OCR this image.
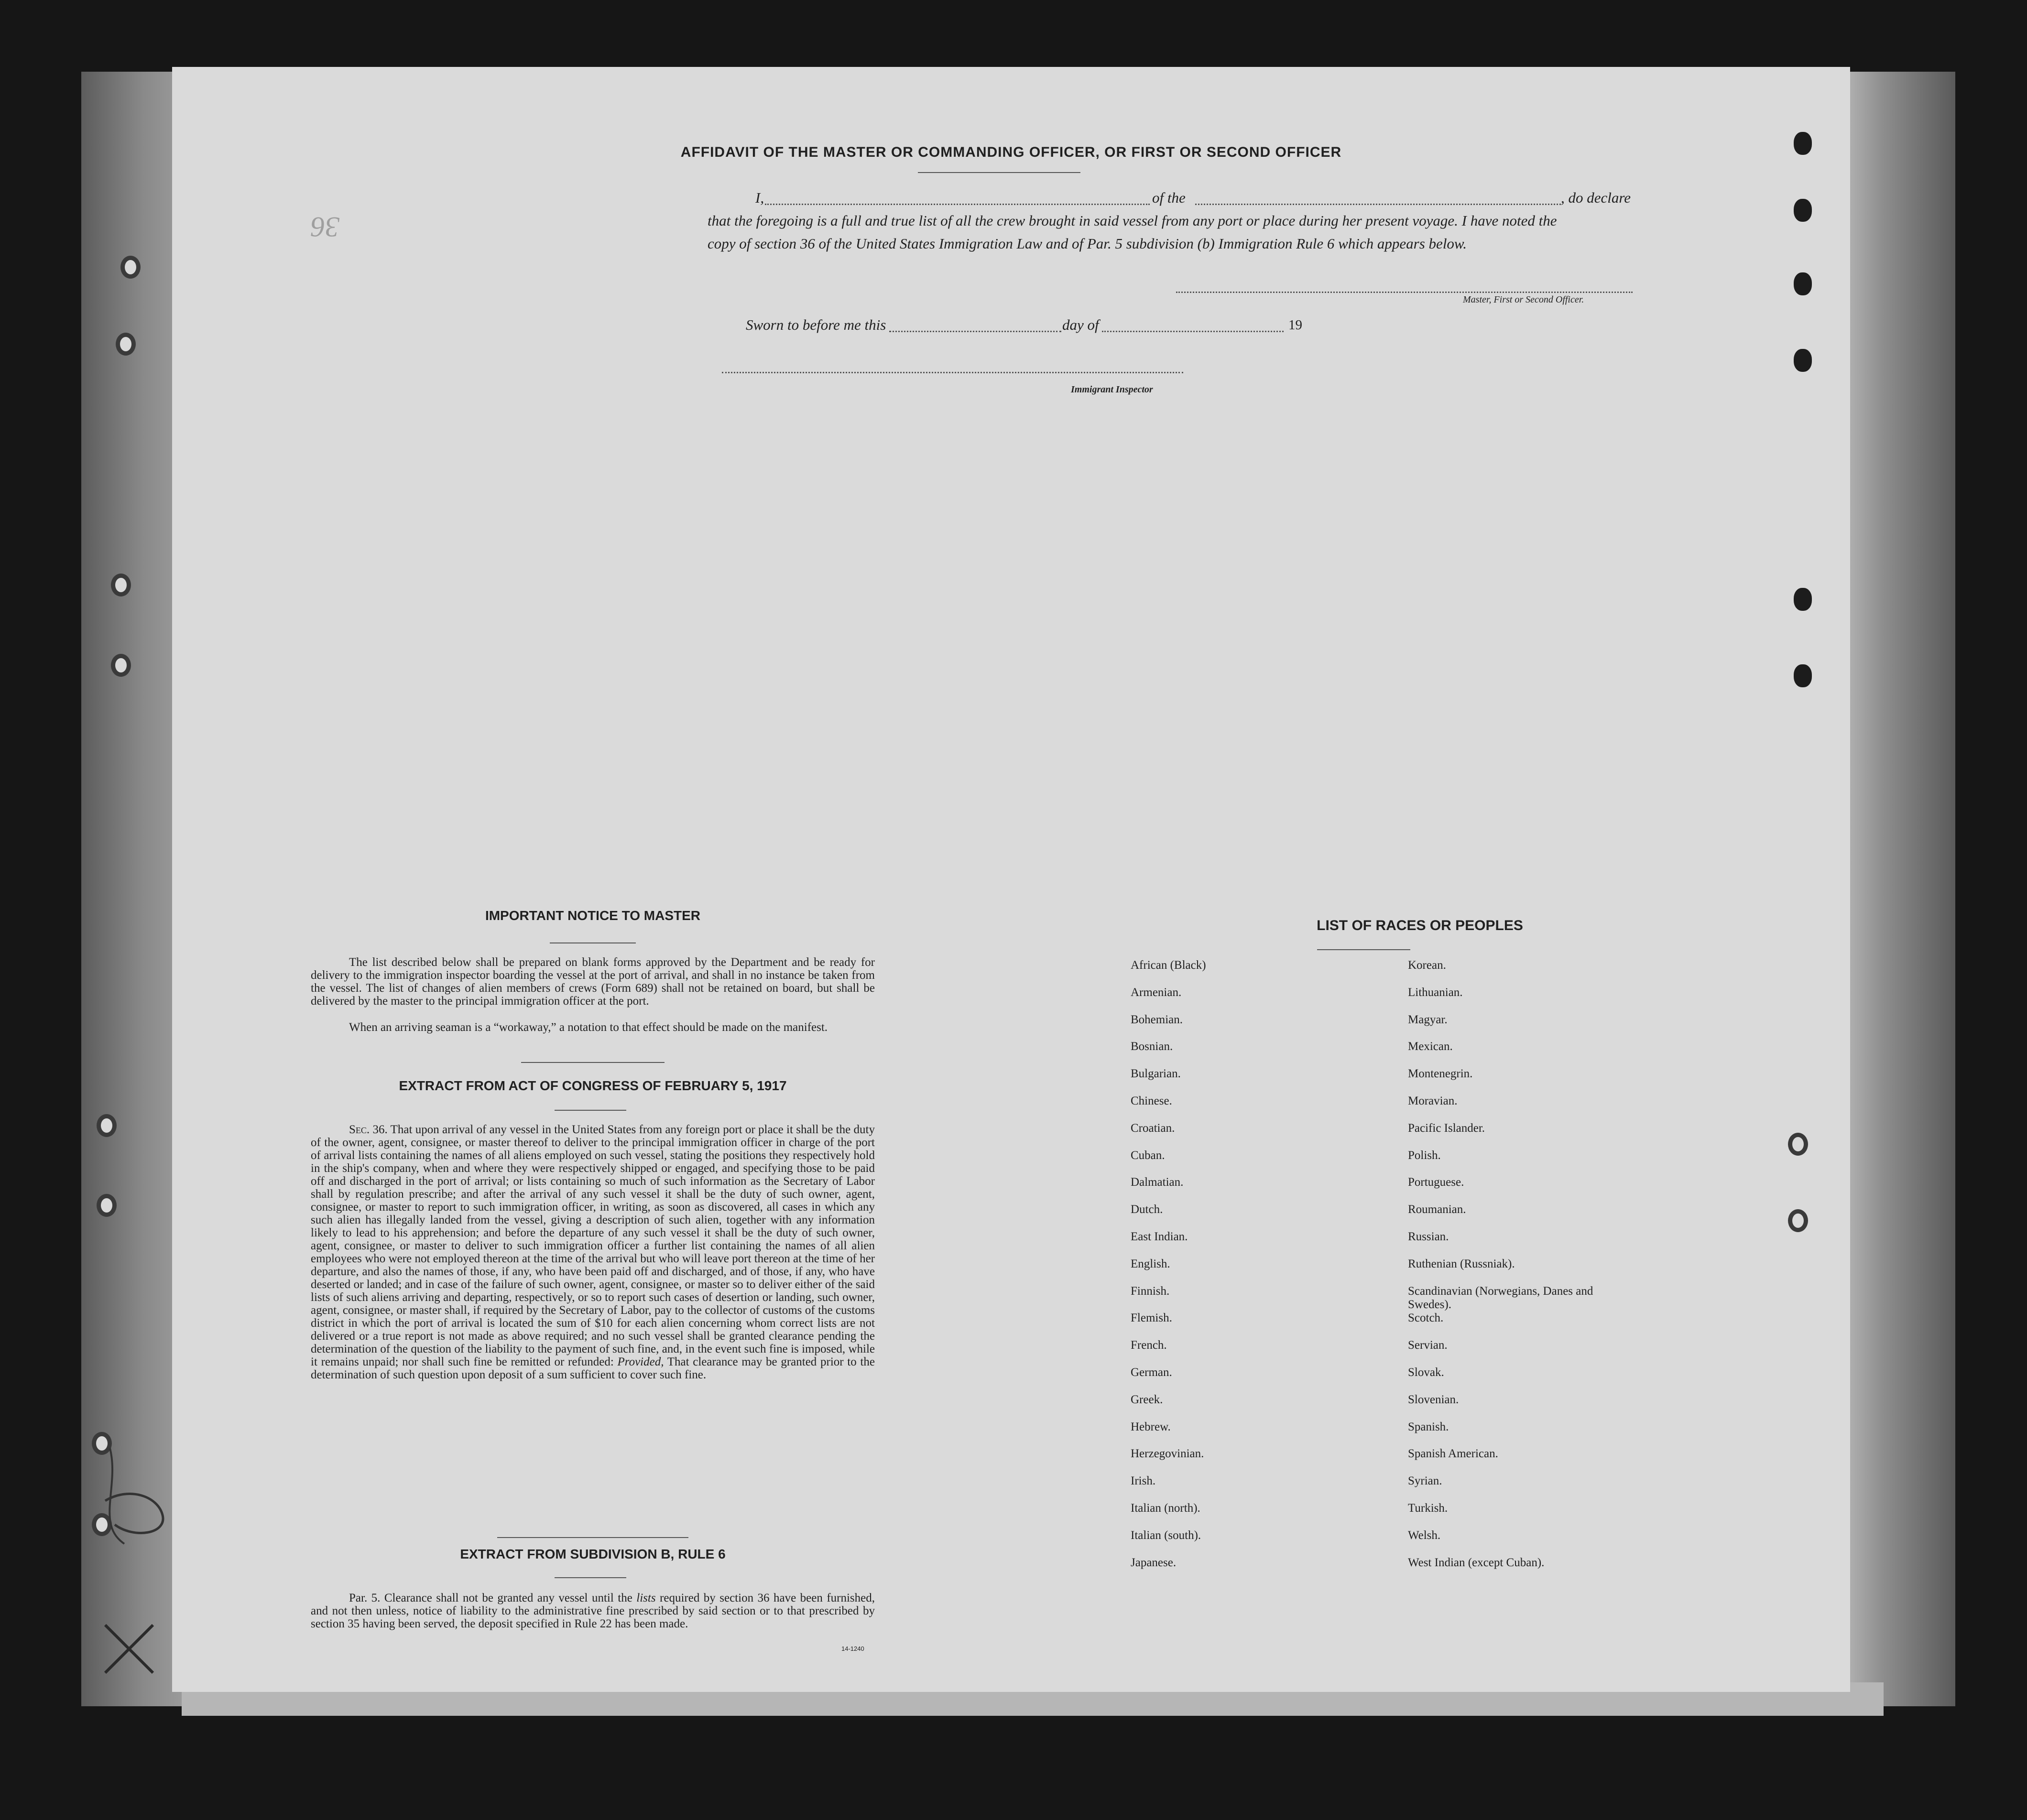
36
AFFIDAVIT OF THE MASTER OR COMMANDING OFFICER, OR FIRST OR SECOND OFFICER
I,	of the	, do declare
that the foregoing is a full and true list of all the crew brought in said vessel from any port or place during her present voyage. I have noted the
copy of section 36 of the United States Immigration Law and of Par. 5 subdivision (b) Immigration Rule 6 which appears below.
Master, First or Second Officer.
Sworn to before me this	day of	19
Immigrant Inspector
IMPORTANT NOTICE TO MASTER
The list described below shall be prepared on blank forms approved by the Department and be ready for delivery to the immigration inspector boarding the vessel at the port of arrival, and shall in no instance be taken from the vessel. The list of changes of alien members of crews (Form 689) shall not be retained on board, but shall be delivered by the master to the principal immigration officer at the port.
When an arriving seaman is a “workaway,” a notation to that effect should be made on the manifest.
EXTRACT FROM ACT OF CONGRESS OF FEBRUARY 5, 1917
Sec. 36. That upon arrival of any vessel in the United States from any foreign port or place it shall be the duty of the owner, agent, consignee, or master thereof to deliver to the principal immigration officer in charge of the port of arrival lists containing the names of all aliens employed on such vessel, stating the positions they respectively hold in the ship's company, when and where they were respectively shipped or engaged, and specifying those to be paid off and discharged in the port of arrival; or lists containing so much of such information as the Secretary of Labor shall by regulation prescribe; and after the arrival of any such vessel it shall be the duty of such owner, agent, consignee, or master to report to such immigration officer, in writing, as soon as discovered, all cases in which any such alien has illegally landed from the vessel, giving a description of such alien, together with any information likely to lead to his apprehension; and before the departure of any such vessel it shall be the duty of such owner, agent, consignee, or master to deliver to such immigration officer a further list containing the names of all alien employees who were not employed thereon at the time of the arrival but who will leave port thereon at the time of her departure, and also the names of those, if any, who have been paid off and discharged, and of those, if any, who have deserted or landed; and in case of the failure of such owner, agent, consignee, or master so to deliver either of the said lists of such aliens arriving and departing, respectively, or so to report such cases of desertion or landing, such owner, agent, consignee, or master shall, if required by the Secretary of Labor, pay to the collector of customs of the customs district in which the port of arrival is located the sum of $10 for each alien concerning whom correct lists are not delivered or a true report is not made as above required; and no such vessel shall be granted clearance pending the determination of the question of the liability to the payment of such fine, and, in the event such fine is imposed, while it remains unpaid; nor shall such fine be remitted or refunded: Provided, That clearance may be granted prior to the determination of such question upon deposit of a sum sufficient to cover such fine.
EXTRACT FROM SUBDIVISION B, RULE 6
Par. 5. Clearance shall not be granted any vessel until the lists required by section 36 have been furnished, and not then unless, notice of liability to the administrative fine prescribed by said section or to that prescribed by section 35 having been served, the deposit specified in Rule 22 has been made.
14-1240
LIST OF RACES OR PEOPLES

African (Black)

Armenian.

Bohemian.

Bosnian.

Bulgarian.

Chinese.

Croatian.

Cuban.

Dalmatian.

Dutch.

East Indian.

English.

Finnish.

Flemish.

French.

German.

Greek.

Hebrew.

Herzegovinian.

Irish.

Italian (north).

Italian (south).

Japanese.

Korean.

Lithuanian.

Magyar.

Mexican.

Montenegrin.

Moravian.

Pacific Islander.

Polish.

Portuguese.

Roumanian.

Russian.

Ruthenian (Russniak).

Scandinavian (Norwegians, Danes and Swedes).

Scotch.

Servian.

Slovak.

Slovenian.

Spanish.

Spanish American.

Syrian.

Turkish.

Welsh.

West Indian (except Cuban).
